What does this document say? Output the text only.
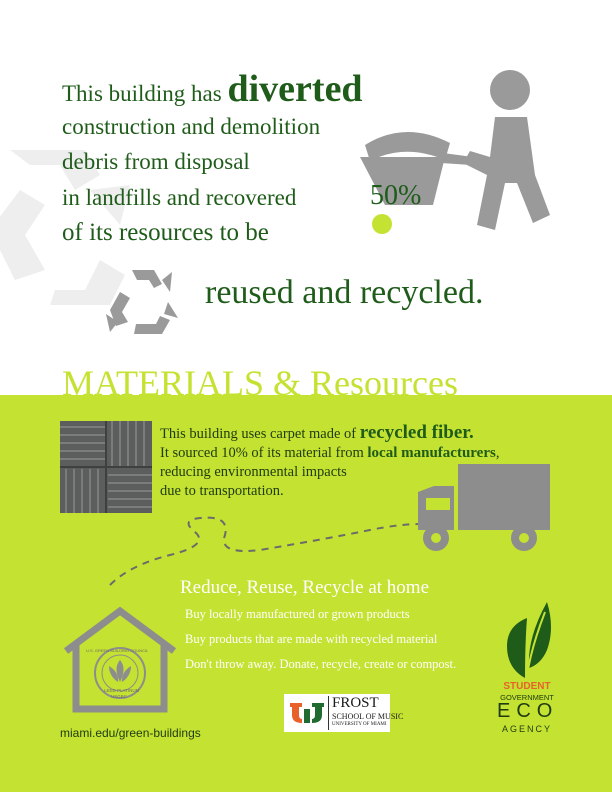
This building has diverted
construction and demolition
debris from disposal
in landfills and recovered
of its resources to be
reused and recycled.
50%
MATERIALS & Resources
This building uses carpet made of recycled fiber.
It sourced 10% of its material from local manufacturers,
reducing environmental impacts
due to transportation.
Reduce, Reuse, Recycle at home
Buy locally manufactured or grown products
Buy products that are made with recycled material
Don't throw away. Donate, recycle, create or compost.
U.S. GREEN BUILDING COUNCIL
LEED PLATINUM
USGBC
miami.edu/green-buildings
FROST
SCHOOL OF MUSIC
UNIVERSITY OF MIAMI
STUDENT
GOVERNMENT
ECO
AGENCY
